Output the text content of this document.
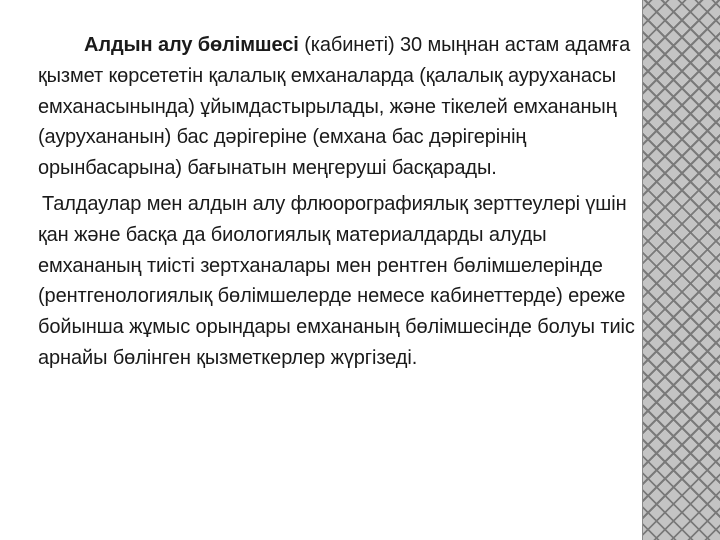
Алдын алу бөлімшесі (кабинеті) 30 мыңнан астам адамға қызмет көрсететін қалалық емханаларда (қалалық ауруханасы емханасынында) ұйымдастырылады, және тікелей емхананың (аурухананын) бас дәрігеріне (емхана бас дәрігерінің орынбасарына) бағынатын меңгеруші басқарады.

Талдаулар мен алдын алу флюорографиялық зерттеулері үшін қан және басқа да биологиялық материалдарды алуды емхананың тиісті зертханалары мен рентген бөлімшелерінде (рентгенологиялық бөлімшелерде немесе кабинеттерде) ереже бойынша жұмыс орындары емхананың бөлімшесінде болуы тиіс арнайы бөлінген қызметкерлер жүргізеді.
